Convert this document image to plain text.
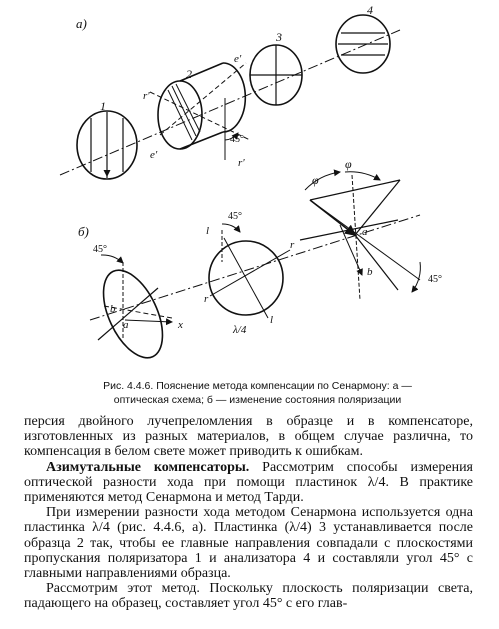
а)
1
2
e'
r'
e'
r'
45°
3
4
б)
45°
b
a	x
45°
l
r
r
l
λ/4
φ
φ
a
b
45°
Рис. 4.4.6. Пояснение метода компенсации по Сенармону: а —
оптическая схема; б — изменение состояния поляризации

персия двойного лучепреломления в образце и в компенсаторе, изготовленных из разных материалов, в общем случае различна, то компенсация в белом свете может приводить к ошибкам.

Азимутальные компенсаторы. Рассмотрим способы измерения оптической разности хода при помощи пластинок λ/4. В практике применяются метод Сенармона и метод Тарди.

При измерении разности хода методом Сенармона используется одна пластинка λ/4 (рис. 4.4.6, а). Пластинка (λ/4) 3 устанавливается после образца 2 так, чтобы ее главные направления совпадали с плоскостями пропускания поляризатора 1 и анализатора 4 и составляли угол 45° с главными направлениями образца.

Рассмотрим этот метод. Поскольку плоскость поляризации света, падающего на образец, составляет угол 45° с его глав-
